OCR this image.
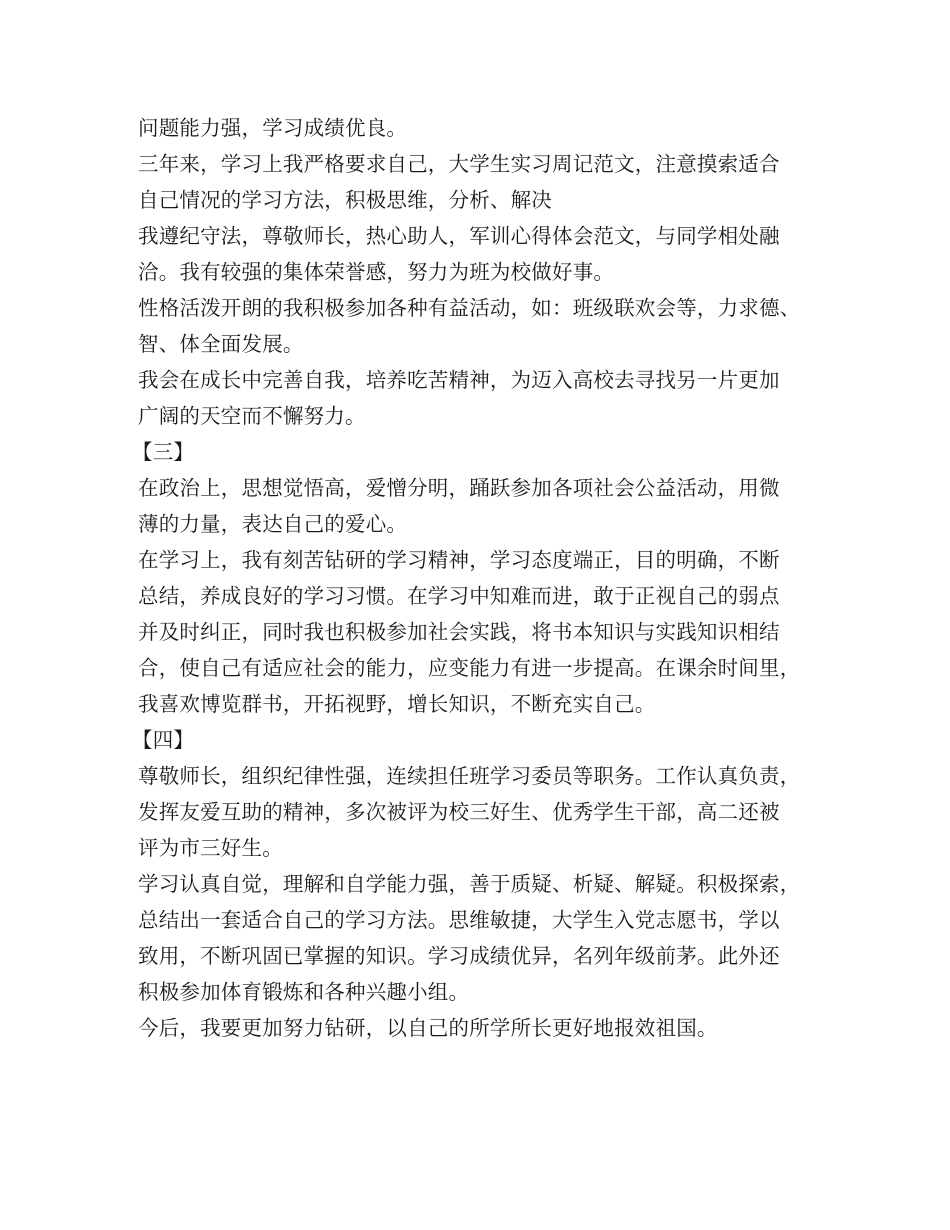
问题能力强，学习成绩优良。
三年来，学习上我严格要求自己，大学生实习周记范文，注意摸索适合
自己情况的学习方法，积极思维，分析、解决
我遵纪守法，尊敬师长，热心助人，军训心得体会范文，与同学相处融
洽。我有较强的集体荣誉感，努力为班为校做好事。
性格活泼开朗的我积极参加各种有益活动，如：班级联欢会等，力求德、
智、体全面发展。
我会在成长中完善自我，培养吃苦精神，为迈入高校去寻找另一片更加
广阔的天空而不懈努力。
【三】
在政治上，思想觉悟高，爱憎分明，踊跃参加各项社会公益活动，用微
薄的力量，表达自己的爱心。
在学习上，我有刻苦钻研的学习精神，学习态度端正，目的明确，不断
总结，养成良好的学习习惯。在学习中知难而进，敢于正视自己的弱点
并及时纠正，同时我也积极参加社会实践，将书本知识与实践知识相结
合，使自己有适应社会的能力，应变能力有进一步提高。在课余时间里，
我喜欢博览群书，开拓视野，增长知识，不断充实自己。
【四】
尊敬师长，组织纪律性强，连续担任班学习委员等职务。工作认真负责，
发挥友爱互助的精神，多次被评为校三好生、优秀学生干部，高二还被
评为市三好生。
学习认真自觉，理解和自学能力强，善于质疑、析疑、解疑。积极探索，
总结出一套适合自己的学习方法。思维敏捷，大学生入党志愿书，学以
致用，不断巩固已掌握的知识。学习成绩优异，名列年级前茅。此外还
积极参加体育锻炼和各种兴趣小组。
今后，我要更加努力钻研，以自己的所学所长更好地报效祖国。
